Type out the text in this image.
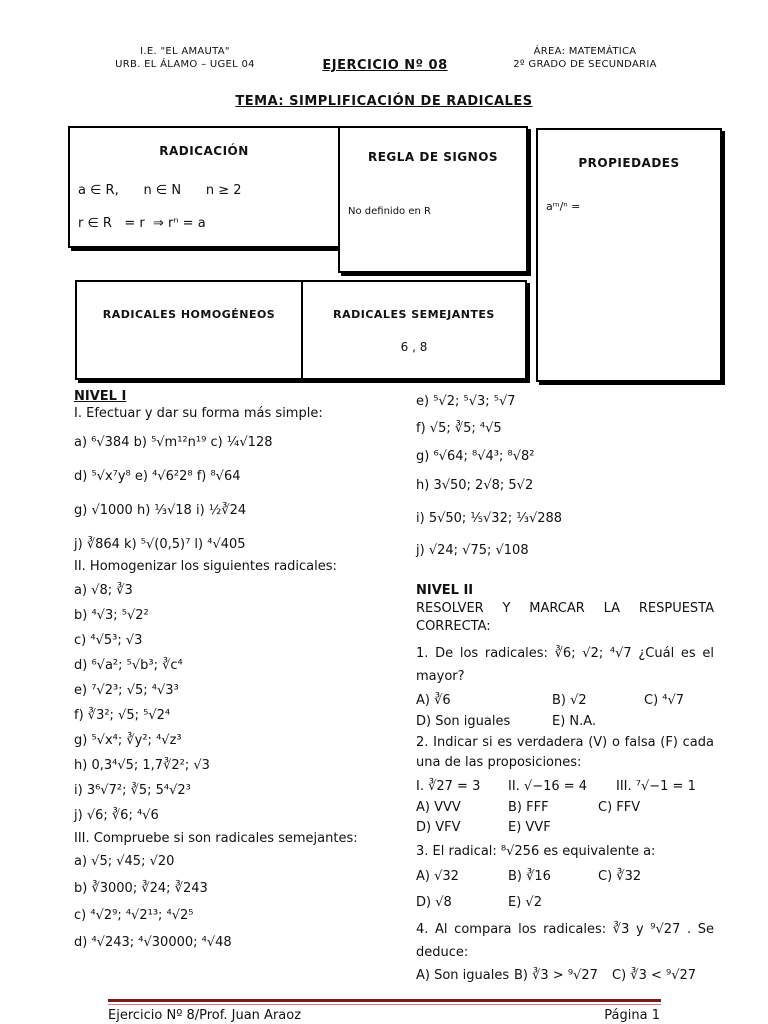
I.E. "EL AMAUTA"
URB. EL ÁLAMO – UGEL 04	EJERCICIO Nº 08
ÁREA: MATEMÁTICA
2º GRADO DE SECUNDARIA
TEMA: SIMPLIFICACIÓN DE RADICALES
RADICACIÓN
a ∈ R,      n ∈ N      n ≥ 2
r ∈ R   = r  ⇒ rⁿ = a
REGLA DE SIGNOS
No definido en R
PROPIEDADES
aᵐ/ⁿ =
RADICALES HOMOGÉNEOS	RADICALES SEMEJANTES
6 , 8
NIVEL I
I. Efectuar y dar su forma más simple:
a) ⁶√384 b) ⁵√m¹²n¹⁹ c) ¼√128
d) ⁵√x⁷y⁸ e) ⁴√6²2⁸ f) ⁸√64
g) √1000 h) ⅓√18 i) ½∛24
j) ∛864 k) ⁵√(0,5)⁷ l) ⁴√405
II. Homogenizar los siguientes radicales:
a) √8; ∛3
b) ⁴√3; ⁵√2²
c) ⁴√5³; √3
d) ⁶√a²; ⁵√b³; ∛c⁴
e) ⁷√2³; √5; ⁴√3³
f) ∛3²; √5; ⁵√2⁴
g) ⁵√x⁴; ∛y²; ⁴√z³
h) 0,3⁴√5; 1,7∛2²; √3
i) 3⁶√7²; ∛5; 5⁴√2³
j) √6; ∛6; ⁴√6
III. Compruebe si son radicales semejantes:
a) √5; √45; √20
b) ∛3000; ∛24; ∛243
c) ⁴√2⁹; ⁴√2¹³; ⁴√2⁵
d) ⁴√243; ⁴√30000; ⁴√48
e) ⁵√2; ⁵√3; ⁵√7
f) √5; ∛5; ⁴√5
g) ⁶√64; ⁸√4³; ⁸√8²
h) 3√50; 2√8; 5√2
i) 5√50; ⅕√32; ⅓√288
j) √24; √75; √108
NIVEL II
RESOLVER Y MARCAR LA RESPUESTA CORRECTA:
1. De los radicales: ∛6; √2; ⁴√7 ¿Cuál es el mayor?
A) ∛6	B) √2	C) ⁴√7
D) Son iguales	E) N.A.
2. Indicar si es verdadera (V) o falsa (F) cada una de las proposiciones:
I. ∛27 = 3	II. √−16 = 4	III. ⁷√−1 = 1
A) VVV	B) FFF	C) FFV
D) VFV	E) VVF
3. El radical: ⁸√256 es equivalente a:
A) √32	B) ∛16	C) ∛32
D) √8	E) √2
4. Al compara los radicales: ∛3 y ⁹√27 . Se deduce:
A) Son iguales B) ∛3 > ⁹√27	C) ∛3 < ⁹√27
Ejercicio Nº 8/Prof. Juan Araoz	Página 1
